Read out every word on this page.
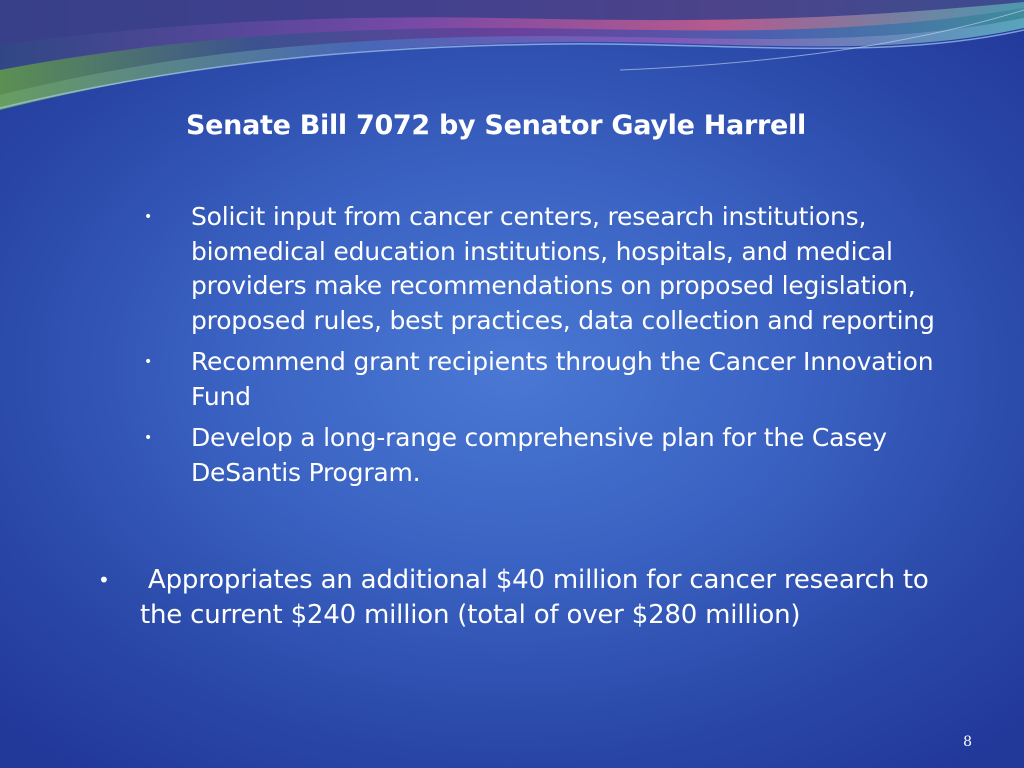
Senate Bill 7072 by Senator Gayle Harrell
• Solicit input from cancer centers, research institutions, biomedical education institutions, hospitals, and medical providers make recommendations on proposed legislation, proposed rules, best practices, data collection and reporting
• Recommend grant recipients through the Cancer Innovation Fund
• Develop a long-range comprehensive plan for the Casey DeSantis Program.
•	Appropriates an additional $40 million for cancer research to the current $240 million (total of over $280 million)
8
